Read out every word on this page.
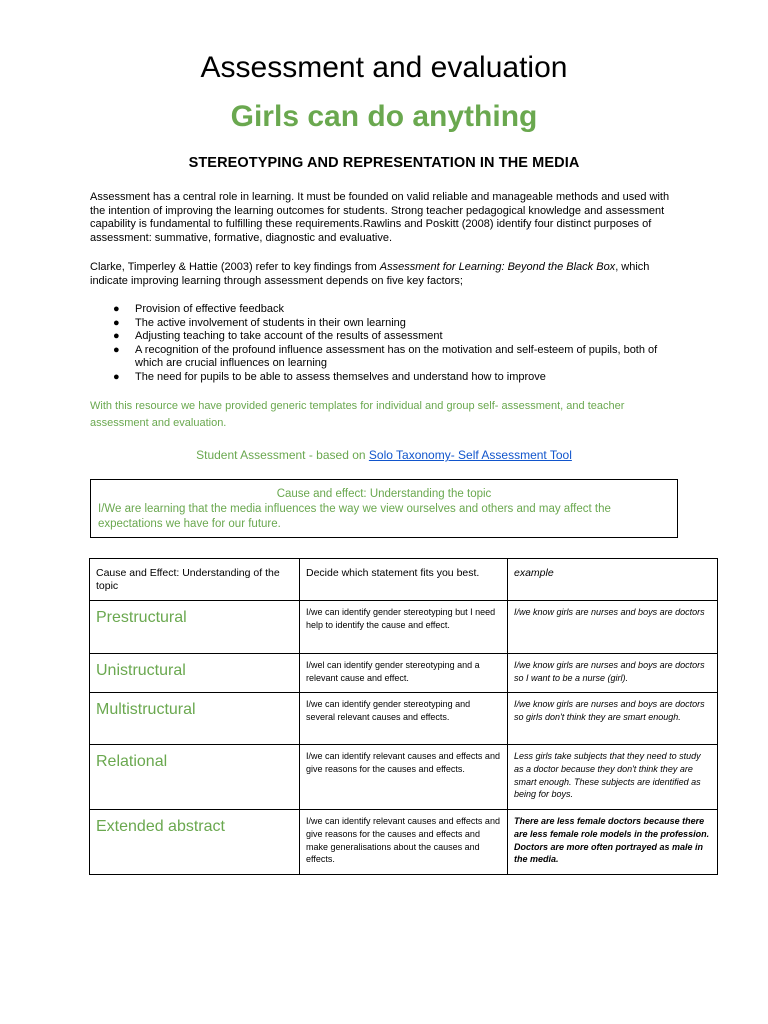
Assessment and evaluation
Girls can do anything
STEREOTYPING AND REPRESENTATION IN THE MEDIA
Assessment has a central role in learning. It must be founded on valid reliable and manageable methods and used with the intention of improving the learning outcomes for students. Strong teacher pedagogical knowledge and assessment capability is fundamental to fulfilling these requirements.Rawlins and Poskitt (2008) identify four distinct purposes of assessment: summative, formative, diagnostic and evaluative.
Clarke, Timperley & Hattie (2003) refer to key findings from Assessment for Learning: Beyond the Black Box, which indicate improving learning through assessment depends on five key factors;
● Provision of effective feedback
● The active involvement of students in their own learning
● Adjusting teaching to take account of the results of assessment
● A recognition of the profound influence assessment has on the motivation and self-esteem of pupils, both of which are crucial influences on learning
● The need for pupils to be able to assess themselves and understand how to improve
With this resource we have provided generic templates for individual and group self- assessment, and teacher assessment and evaluation.
Student Assessment - based on Solo Taxonomy- Self Assessment Tool
Cause and effect: Understanding the topic
I/We are learning that the media influences the way we view ourselves and others and may affect the expectations we have for our future.
Cause and Effect: Understanding of the topic	Decide which statement fits you best.	example
Prestructural	I/we can identify gender stereotyping but I need help to identify the cause and effect.	I/we know girls are nurses and boys are doctors
Unistructural	I/wel can identify gender stereotyping and a relevant cause and effect.	I/we know girls are nurses and boys are doctors so I want to be a nurse (girl).
Multistructural	I/we can identify gender stereotyping and several relevant causes and effects.	I/we know girls are nurses and boys are doctors so girls don't think they are smart enough.
Relational	I/we can identify relevant causes and effects and give reasons for the causes and effects.	Less girls take subjects that they need to study as a doctor because they don't think they are smart enough. These subjects are identified as being for boys.
Extended abstract	I/we can identify relevant causes and effects and give reasons for the causes and effects and make generalisations about the causes and effects.	There are less female doctors because there are less female role models in the profession. Doctors are more often portrayed as male in the media.
